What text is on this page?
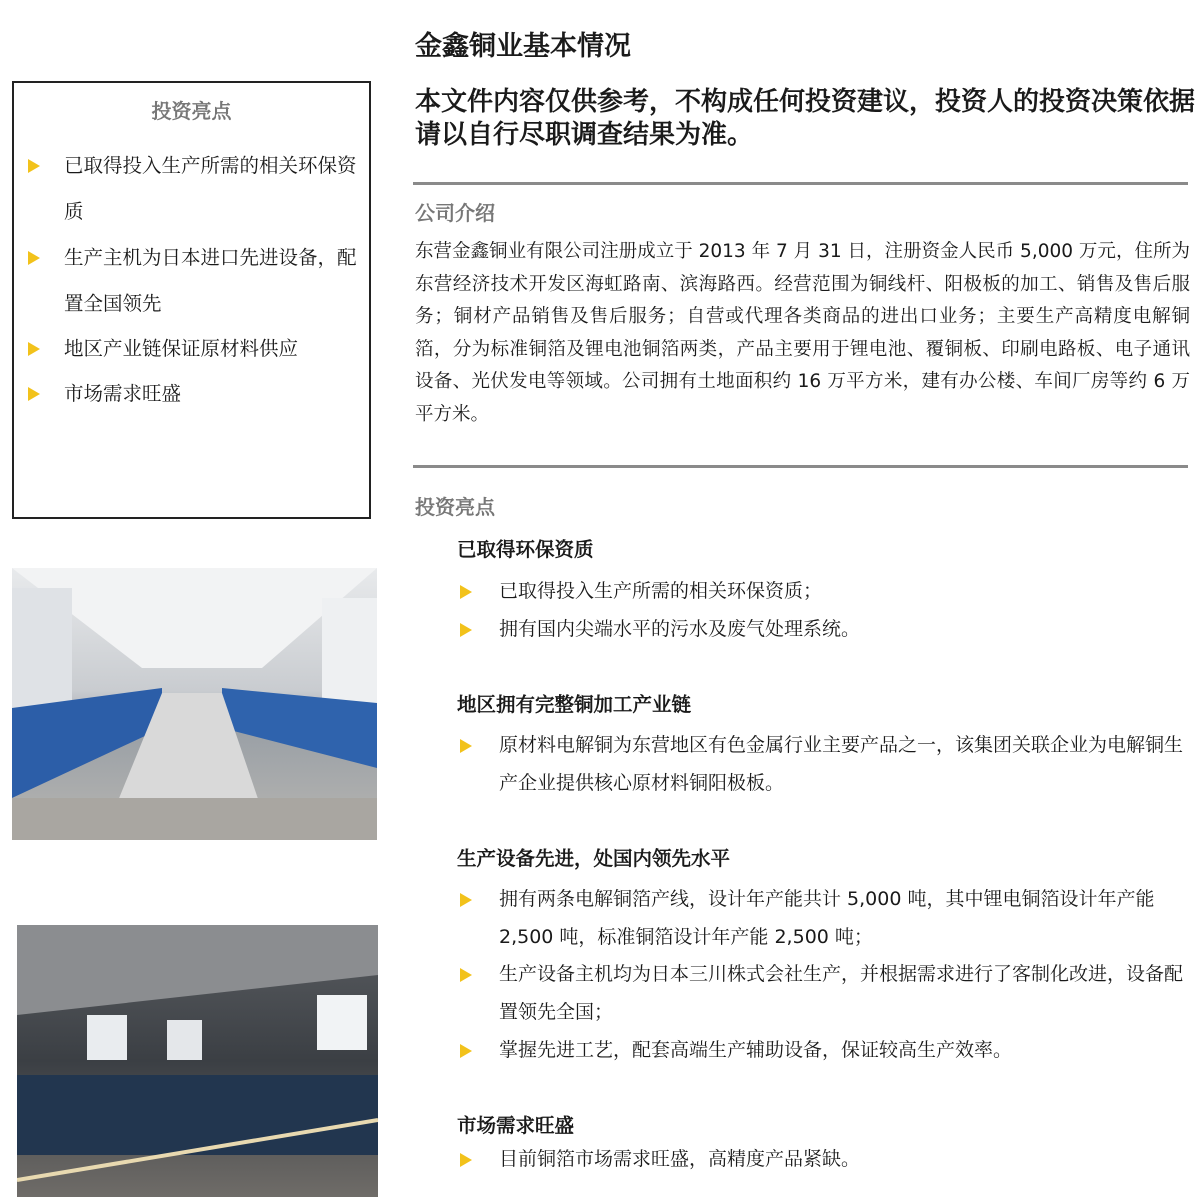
金鑫铜业基本情况
本文件内容仅供参考，不构成任何投资建议，投资人的投资决策依据请以自行尽职调查结果为准。
公司介绍
东营金鑫铜业有限公司注册成立于 2013 年 7 月 31 日，注册资金人民币 5,000 万元，住所为东营经济技术开发区海虹路南、滨海路西。经营范围为铜线杆、阳极板的加工、销售及售后服务；铜材产品销售及售后服务；自营或代理各类商品的进出口业务；主要生产高精度电解铜箔，分为标准铜箔及锂电池铜箔两类，产品主要用于锂电池、覆铜板、印刷电路板、电子通讯设备、光伏发电等领域。公司拥有土地面积约 16 万平方米，建有办公楼、车间厂房等约 6 万平方米。
投资亮点
投资亮点
已取得投入生产所需的相关环保资质
生产主机为日本进口先进设备，配置全国领先
地区产业链保证原材料供应
市场需求旺盛
已取得环保资质
已取得投入生产所需的相关环保资质；
拥有国内尖端水平的污水及废气处理系统。
地区拥有完整铜加工产业链
原材料电解铜为东营地区有色金属行业主要产品之一，该集团关联企业为电解铜生产企业提供核心原材料铜阳极板。
生产设备先进，处国内领先水平
拥有两条电解铜箔产线，设计年产能共计 5,000 吨，其中锂电铜箔设计年产能 2,500 吨，标准铜箔设计年产能 2,500 吨；
生产设备主机均为日本三川株式会社生产，并根据需求进行了客制化改进，设备配置领先全国；
掌握先进工艺，配套高端生产辅助设备，保证较高生产效率。
市场需求旺盛
目前铜箔市场需求旺盛，高精度产品紧缺。
